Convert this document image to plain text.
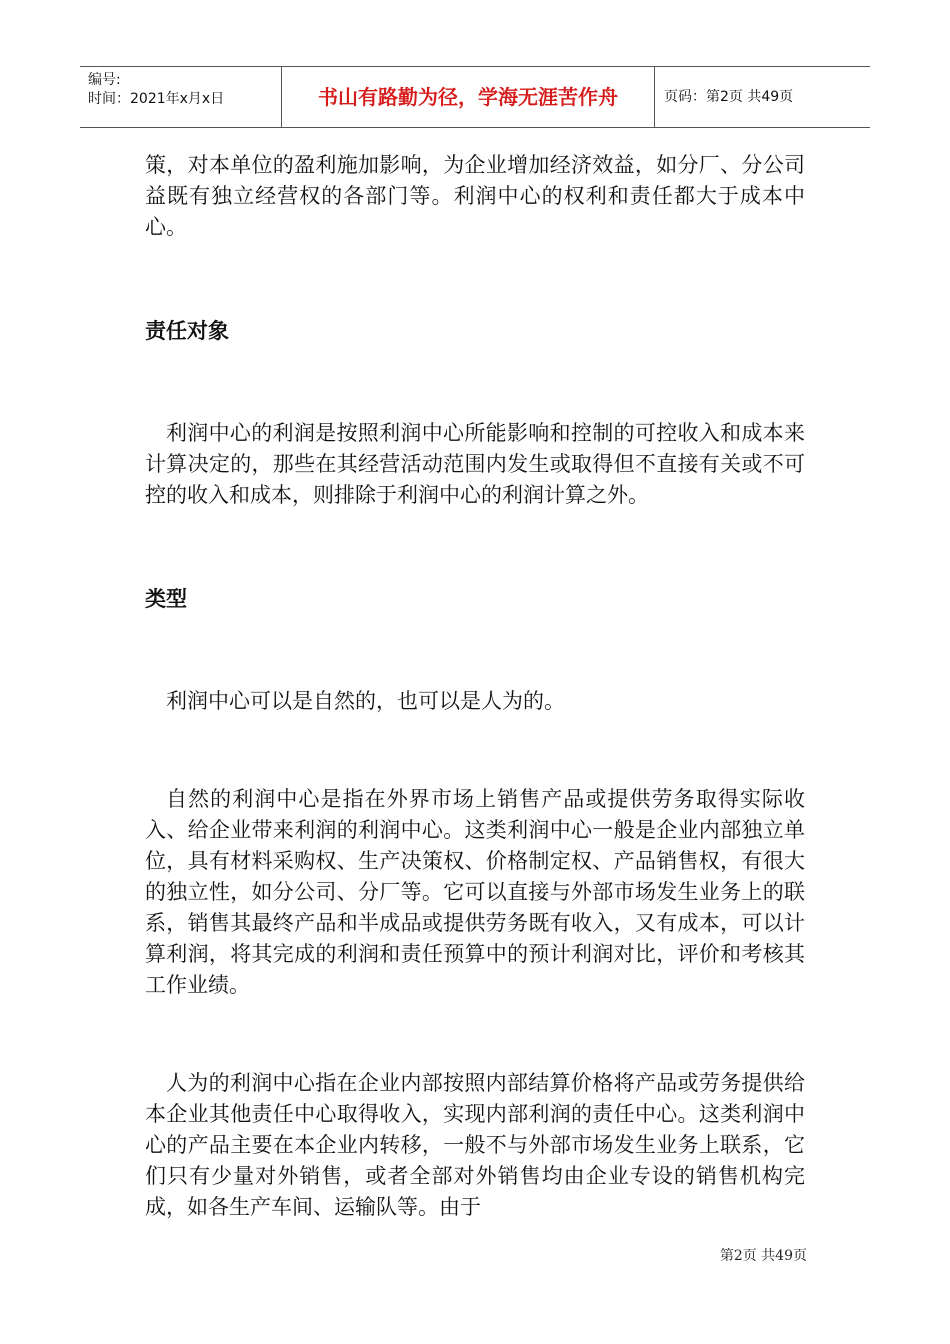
编号:
时间：2021年x月x日	书山有路勤为径，学海无涯苦作舟	页码：第2页 共49页

策，对本单位的盈利施加影响，为企业增加经济效益，如分厂、分公司益既有独立经营权的各部门等。利润中心的权利和责任都大于成本中心。

责任对象

利润中心的利润是按照利润中心所能影响和控制的可控收入和成本来计算决定的，那些在其经营活动范围内发生或取得但不直接有关或不可控的收入和成本，则排除于利润中心的利润计算之外。

类型

利润中心可以是自然的，也可以是人为的。

自然的利润中心是指在外界市场上销售产品或提供劳务取得实际收入、给企业带来利润的利润中心。这类利润中心一般是企业内部独立单位，具有材料采购权、生产决策权、价格制定权、产品销售权，有很大的独立性，如分公司、分厂等。它可以直接与外部市场发生业务上的联系，销售其最终产品和半成品或提供劳务既有收入，又有成本，可以计算利润，将其完成的利润和责任预算中的预计利润对比，评价和考核其工作业绩。

人为的利润中心指在企业内部按照内部结算价格将产品或劳务提供给本企业其他责任中心取得收入，实现内部利润的责任中心。这类利润中心的产品主要在本企业内转移，一般不与外部市场发生业务上联系，它们只有少量对外销售，或者全部对外销售均由企业专设的销售机构完成，如各生产车间、运输队等。由于

第2页 共49页
